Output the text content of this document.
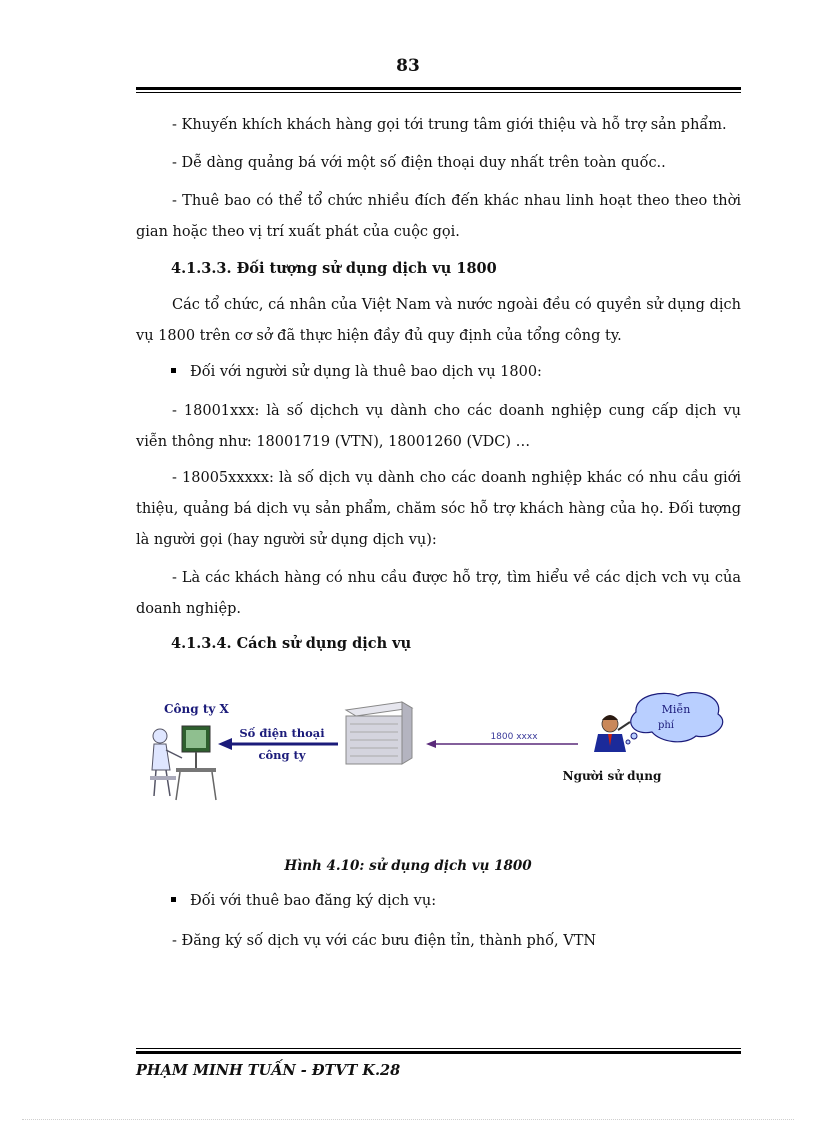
83

- Khuyến khích khách hàng gọi tới trung tâm giới thiệu và hỗ trợ sản phẩm.

- Dễ dàng quảng bá với một số điện thoại duy nhất trên toàn quốc..

- Thuê bao có thể tổ chức nhiều đích đến khác nhau linh hoạt theo theo thời gian hoặc theo vị trí xuất phát của cuộc gọi.

4.1.3.3. Đối tượng sử dụng dịch vụ 1800

Các tổ chức, cá nhân của Việt Nam và nước ngoài đều có quyền sử dụng dịch vụ 1800 trên cơ sở đã thực hiện đầy đủ quy định của tổng công ty.

Đối với người sử dụng là thuê bao dịch vụ 1800:

- 18001xxx: là số dịchch vụ dành cho các doanh nghiệp cung cấp dịch vụ viễn thông như: 18001719 (VTN), 18001260 (VDC) …

- 18005xxxxx: là số dịch vụ dành cho các doanh nghiệp khác có nhu cầu giới thiệu, quảng bá dịch vụ sản phẩm, chăm sóc hỗ trợ khách hàng của họ. Đối tượng là người gọi (hay người sử dụng dịch vụ):

- Là các khách hàng có nhu cầu được hỗ trợ, tìm hiểu về các dịch vch vụ của doanh nghiệp.

4.1.3.4. Cách sử dụng dịch vụ
Công ty X
Số điện thoại
công ty
1800 xxxx
Miễn
phí
Người sử dụng
Hình 4.10: sử dụng dịch vụ 1800
Đối với thuê bao đăng ký dịch vụ:

- Đăng ký số dịch vụ với các bưu điện tỉn, thành phố, VTN

PHẠM MINH TUẤN - ĐTVT K.28
